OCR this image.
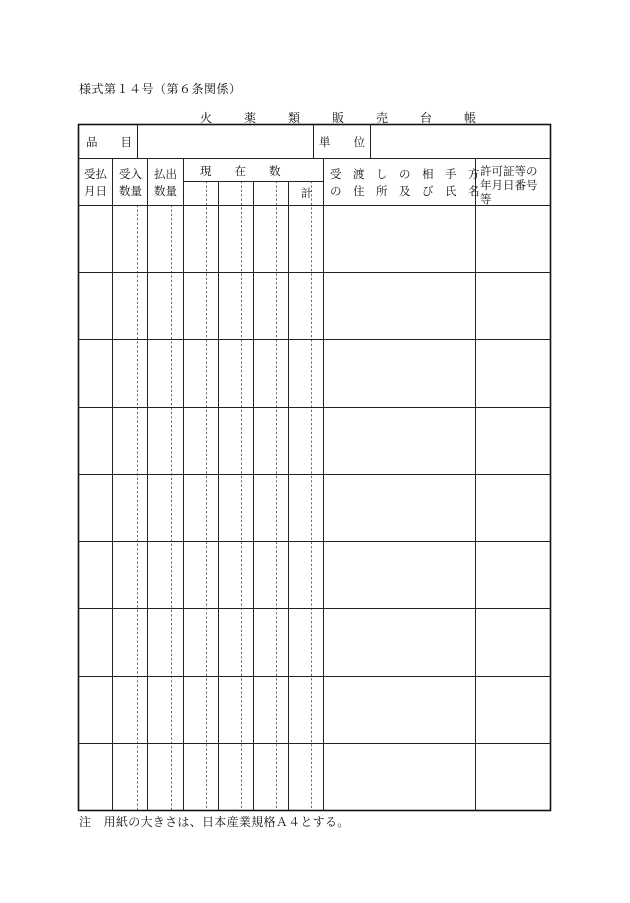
様式第１４号（第６条関係）
火　薬　類　販　売　台　帳
品　　目	単　　位
受払
月日
受入
数量
払出
数量
現　　在　　数
計
受　渡　し　の　相　手　方
の　住　所　及　び　氏　名
許可証等の
年月日番号
等
注　用紙の大きさは、日本産業規格Ａ４とする。
